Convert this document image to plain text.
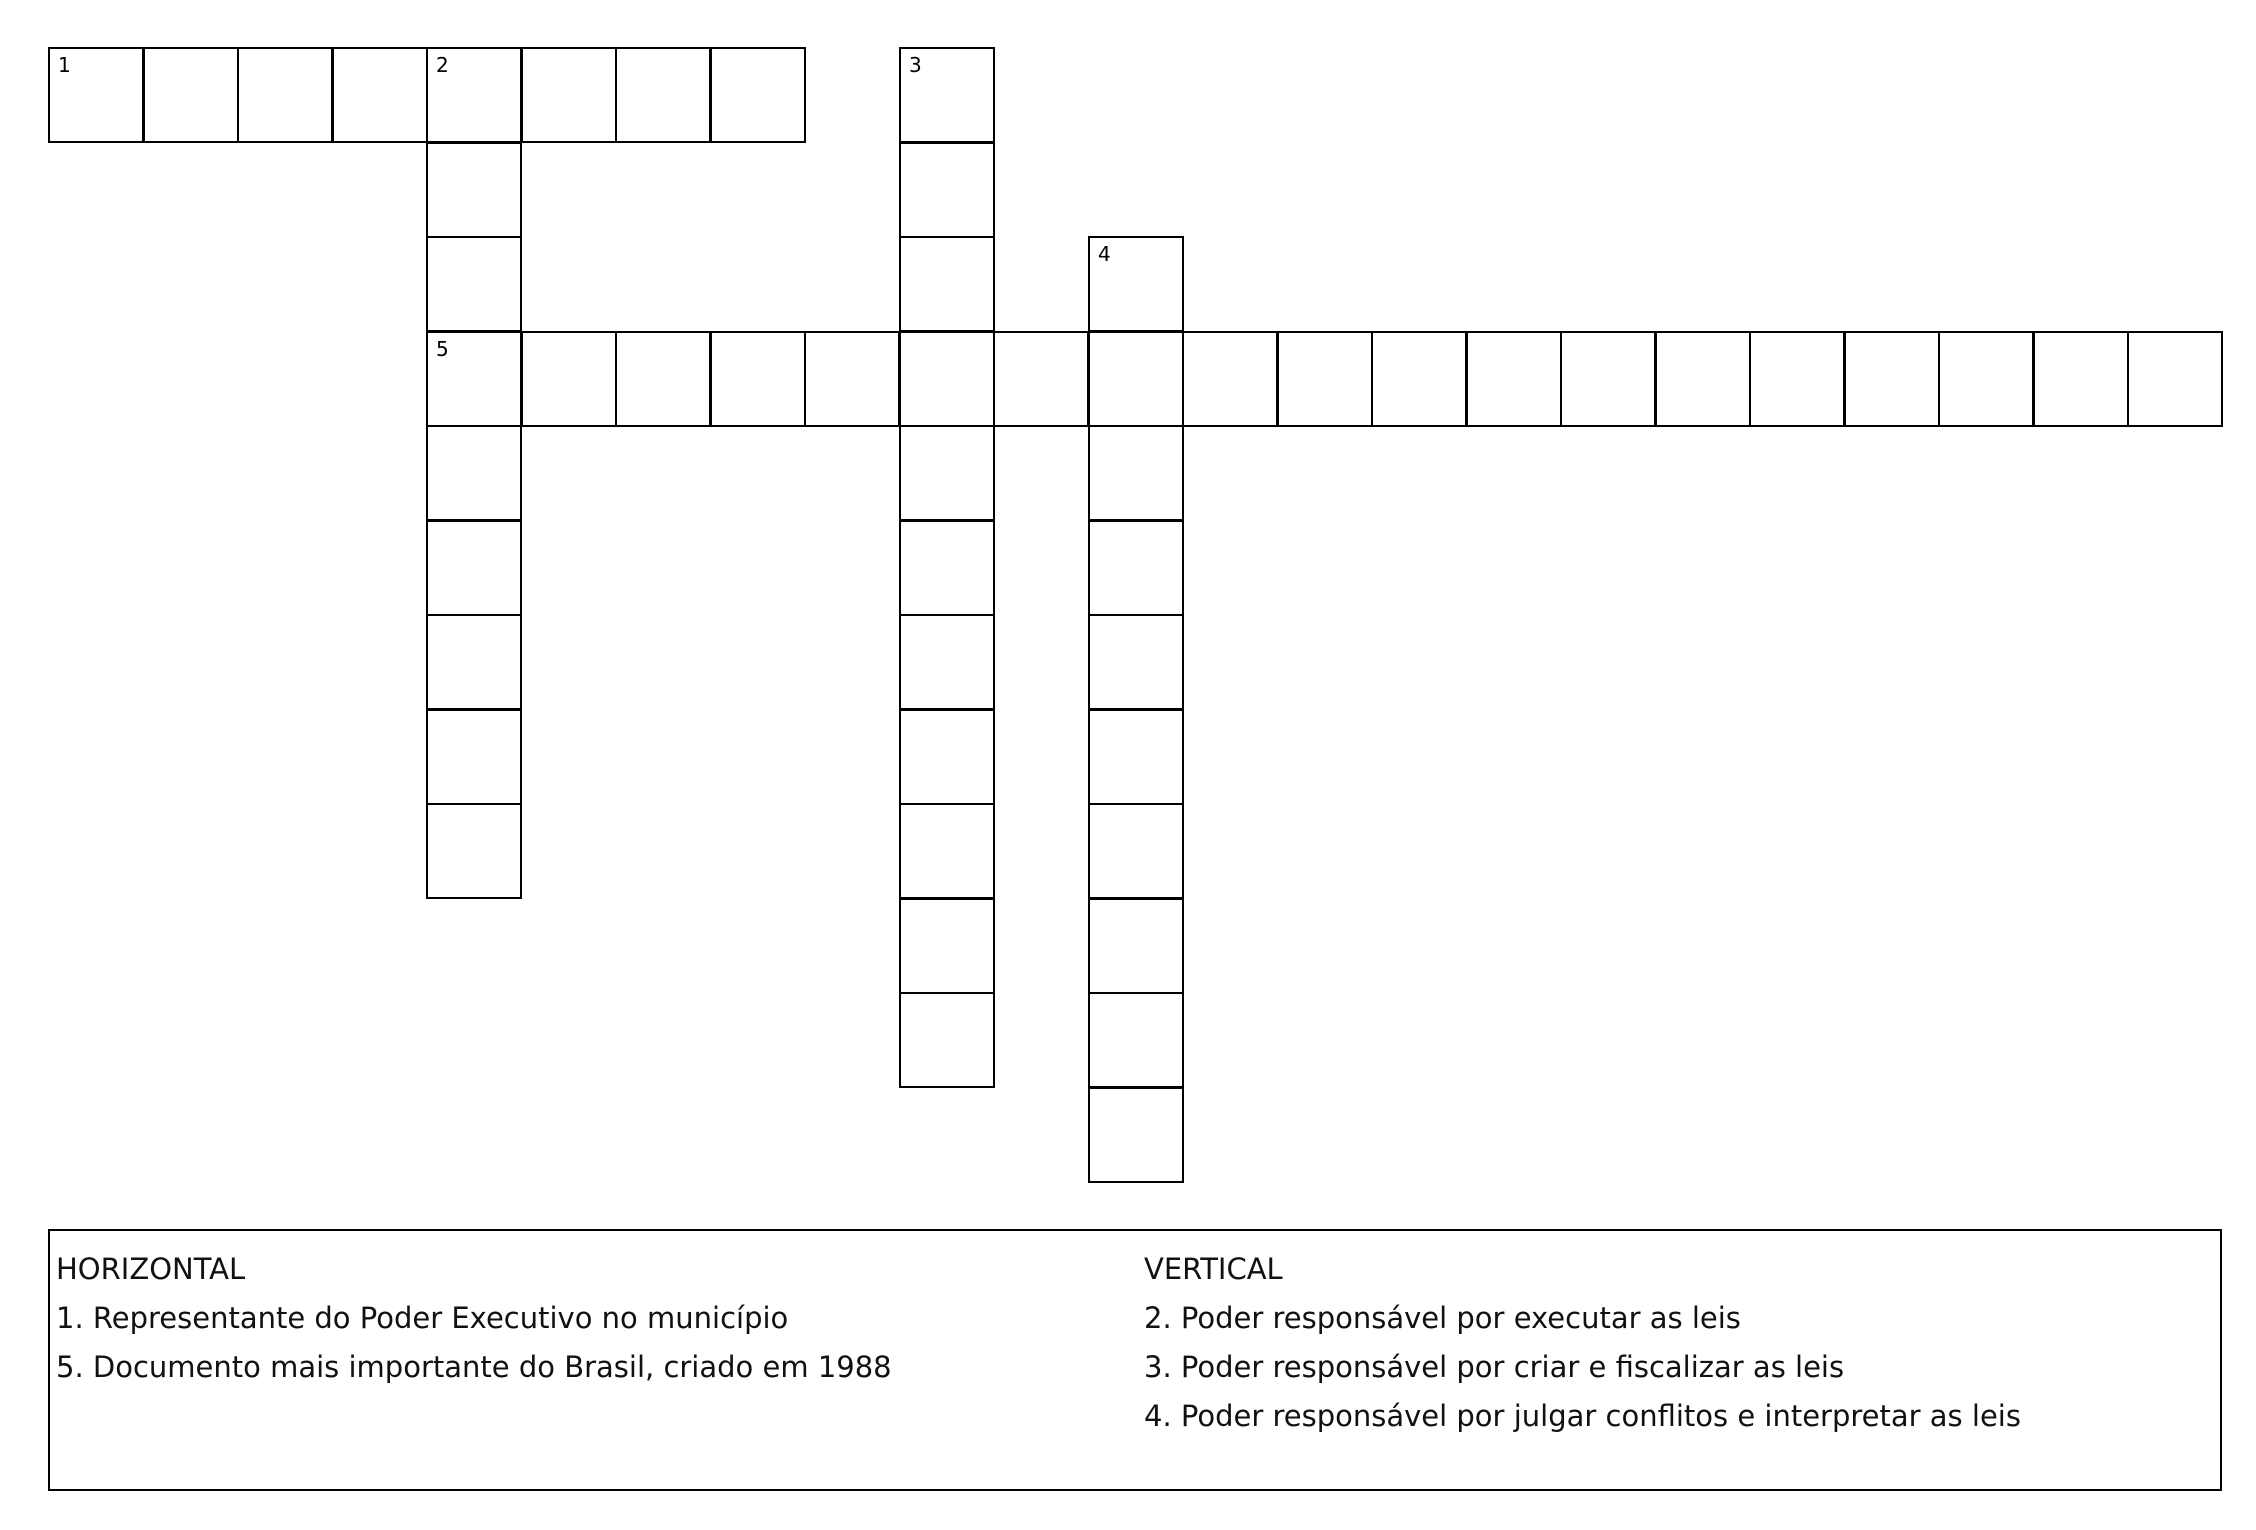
1	2
5
3
4
HORIZONTAL
1. Representante do Poder Executivo no município
5. Documento mais importante do Brasil, criado em 1988
VERTICAL
2. Poder responsável por executar as leis
3. Poder responsável por criar e fiscalizar as leis
4. Poder responsável por julgar conflitos e interpretar as leis
